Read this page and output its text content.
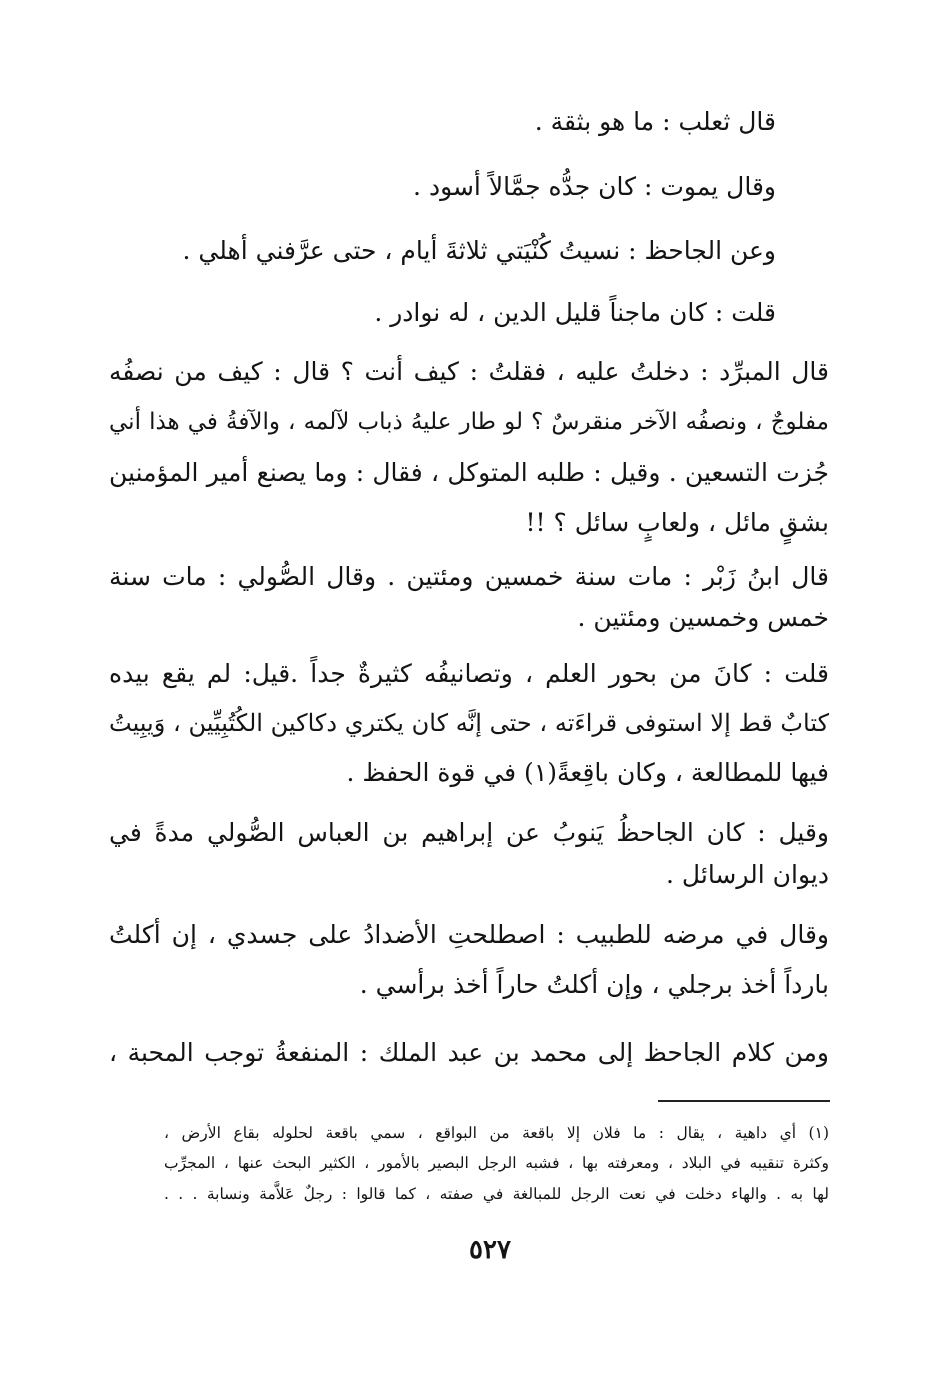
قال ثعلب : ما هو بثقة .
وقال يموت : كان جدُّه جمَّالاً أسود .
وعن الجاحظ : نسيتُ كُنْيَتي ثلاثةَ أيام ، حتى عرَّفني أهلي .
قلت : كان ماجناً قليل الدين ، له نوادر .
قال المبرِّد : دخلتُ عليه ، فقلتُ : كيف أنت ؟ قال : كيف من نصفُه
مفلوجٌ ، ونصفُه الآخر منقرسٌ ؟ لو طار عليهُ ذباب لآلمه ، والآفةُ في هذا أني
جُزت التسعين . وقيل : طلبه المتوكل ، فقال : وما يصنع أمير المؤمنين
بشقٍ مائل ، ولعابٍ سائل ؟ !!
قال ابنُ زَبْر : مات سنة خمسين ومئتين . وقال الصُّولي : مات سنة
خمس وخمسين ومئتين .
قلت : كانَ من بحور العلم ، وتصانيفُه كثيرةٌ جداً .قيل: لم يقع بيده
كتابٌ قط إلا استوفى قراءَته ، حتى إنَّه كان يكتري دكاكين الكُتُبِيِّين ، وَيبِيتُ
فيها للمطالعة ، وكان باقِعةً(١) في قوة الحفظ .
وقيل : كان الجاحظُ يَنوبُ عن إبراهيم بن العباس الصُّولي مدةً في
ديوان الرسائل .
وقال في مرضه للطبيب : اصطلحتِ الأضدادُ على جسدي ، إن أكلتُ
بارداً أخذ برجلي ، وإن أكلتُ حاراً أخذ برأسي .
ومن كلام الجاحظ إلى محمد بن عبد الملك : المنفعةُ توجب المحبة ،
(١) أي داهية ، يقال : ما فلان إلا باقعة من البواقع ، سمي باقعة لحلوله بقاع الأرض ،
وكثرة تنقيبه في البلاد ، ومعرفته بها ، فشبه الرجل البصير بالأمور ، الكثير البحث عنها ، المجرِّب
لها به . والهاء دخلت في نعت الرجل للمبالغة في صفته ، كما قالوا : رجلٌ عَلاَّمة ونسابة . . .
٥٢٧
